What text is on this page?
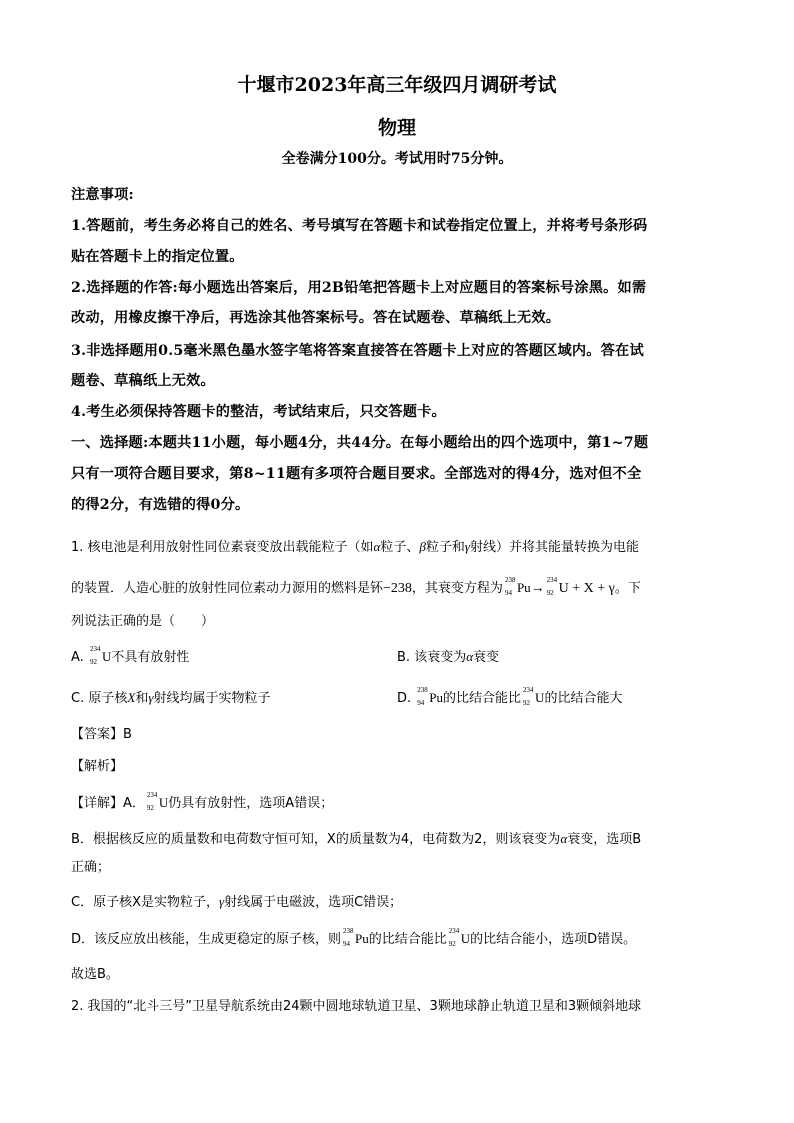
十堰市2023年高三年级四月调研考试
物理
全卷满分100分。考试用时75分钟。
注意事项:
1.答题前，考生务必将自己的姓名、考号填写在答题卡和试卷指定位置上，并将考号条形码
贴在答题卡上的指定位置。
2.选择题的作答:每小题选出答案后，用2B铅笔把答题卡上对应题目的答案标号涂黑。如需
改动，用橡皮擦干净后，再选涂其他答案标号。答在试题卷、草稿纸上无效。
3.非选择题用0.5毫米黑色墨水签字笔将答案直接答在答题卡上对应的答题区域内。答在试
题卷、草稿纸上无效。
4.考生必须保持答题卡的整洁，考试结束后，只交答题卡。
一、选择题:本题共11小题，每小题4分，共44分。在每小题给出的四个选项中，第1~7题
只有一项符合题目要求，第8~11题有多项符合题目要求。全部选对的得4分，选对但不全
的得2分，有选错的得0分。
1. 核电池是利用放射性同位素衰变放出载能粒子（如α粒子、β粒子和γ射线）并将其能量转换为电能
的装置．人造心脏的放射性同位素动力源用的燃料是钚−238，其衰变方程为
238
94 Pu→
234
92 U + X + γ。下
列说法正确的是（　　）
A.
234
92 U不具有放射性	B. 该衰变为α衰变
C. 原子核X和γ射线均属于实物粒子	D.
238
94 Pu的比结合能比
234
92 U的比结合能大
【答案】B
【解析】
【详解】A．
234
92 U仍具有放射性，选项A错误；
B．根据核反应的质量数和电荷数守恒可知，X的质量数为4，电荷数为2，则该衰变为α衰变，选项B
正确；
C．原子核X是实物粒子，γ射线属于电磁波，选项C错误；
D．该反应放出核能，生成更稳定的原子核，则
238
94 Pu的比结合能比
234
92 U的比结合能小，选项D错误。
故选B。
2. 我国的“北斗三号”卫星导航系统由24颗中圆地球轨道卫星、3颗地球静止轨道卫星和3颗倾斜地球
